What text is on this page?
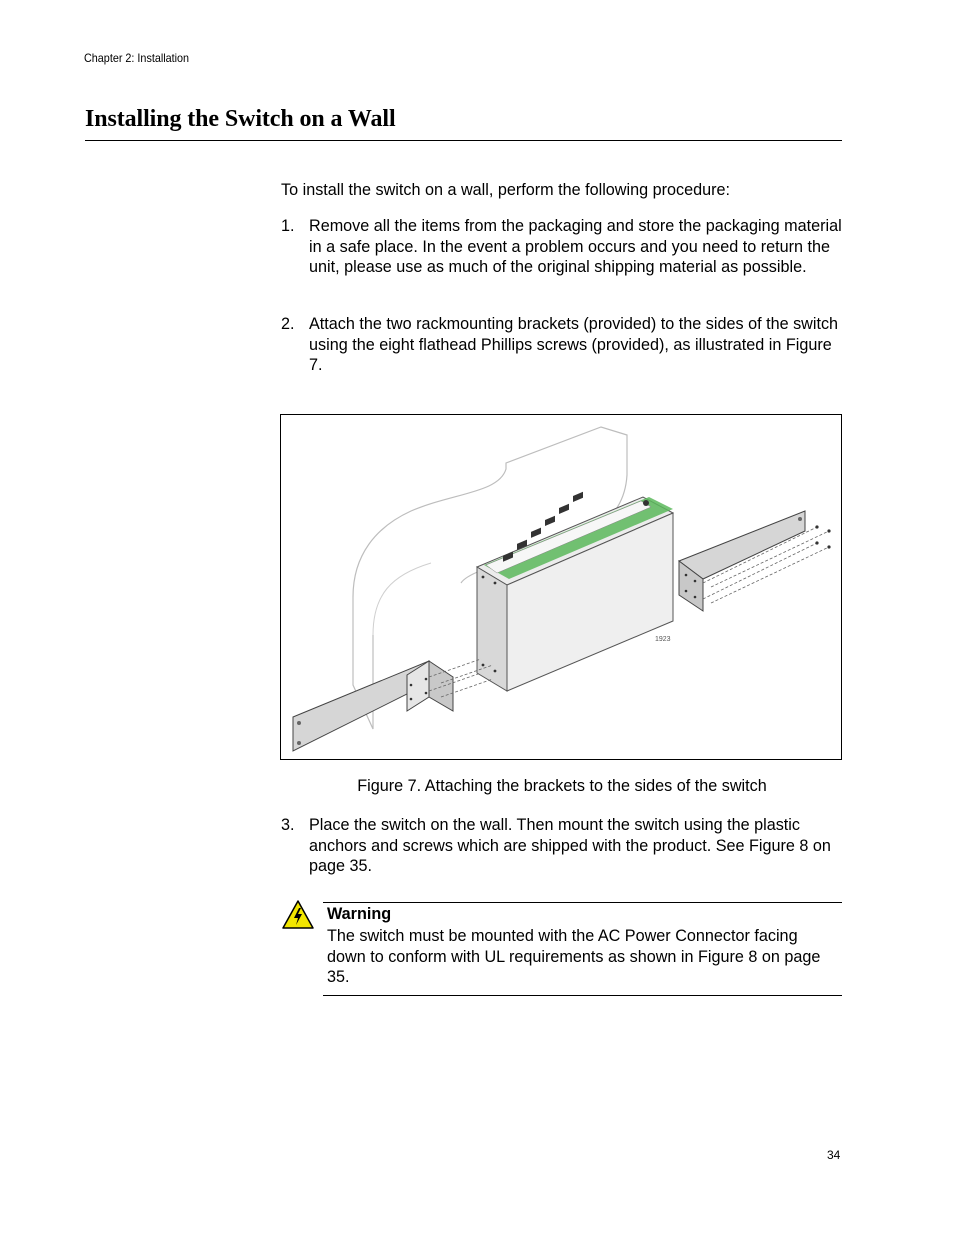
Chapter 2: Installation
Installing the Switch on a Wall

To install the switch on a wall, perform the following procedure:

1. Remove all the items from the packaging and store the packaging material in a safe place. In the event a problem occurs and you need to return the unit, please use as much of the original shipping material as possible.
2. Attach the two rackmounting brackets (provided) to the sides of the switch using the eight flathead Phillips screws (provided), as illustrated in Figure 7.
1923
Figure 7. Attaching the brackets to the sides of the switch
3. Place the switch on the wall. Then mount the switch using the plastic anchors and screws which are shipped with the product. See Figure 8 on page 35.
Warning
The switch must be mounted with the AC Power Connector facing down to conform with UL requirements as shown in Figure 8 on page 35.
34
